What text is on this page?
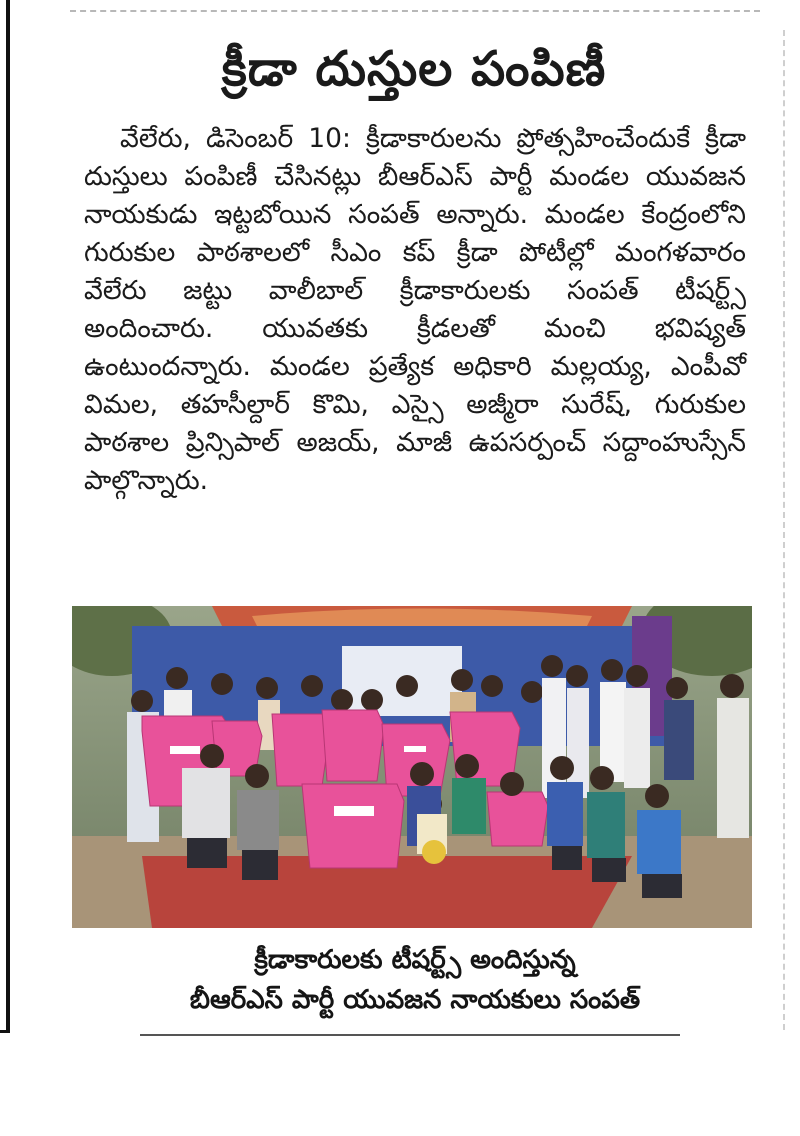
క్రీడా దుస్తుల పంపిణీ

వేలేరు, డిసెంబర్ 10: క్రీడాకారులను ప్రోత్సహించేందుకే క్రీడా దుస్తులు పంపిణీ చేసినట్లు బీఆర్ఎస్ పార్టీ మండల యువజన నాయకుడు ఇట్టబోయిన సంపత్ అన్నారు. మండల కేంద్రంలోని గురుకుల పాఠశాలలో సీఎం కప్ క్రీడా పోటీల్లో మంగళవారం వేలేరు జట్టు వాలీబాల్ క్రీడాకారులకు సంపత్ టీషర్ట్స్ అందించారు. యువతకు క్రీడలతో మంచి భవిష్యత్ ఉంటుందన్నారు. మండల ప్రత్యేక అధికారి మల్లయ్య, ఎంపీవో విమల, తహసీల్దార్ కొమి, ఎస్సై అజ్మీరా సురేష్, గురుకుల పాఠశాల ప్రిన్సిపాల్ అజయ్, మాజీ ఉపసర్పంచ్ సద్దాంహుస్సేన్ పాల్గొన్నారు.

క్రీడాకారులకు టీషర్ట్స్ అందిస్తున్న
బీఆర్ఎస్ పార్టీ యువజన నాయకులు సంపత్
